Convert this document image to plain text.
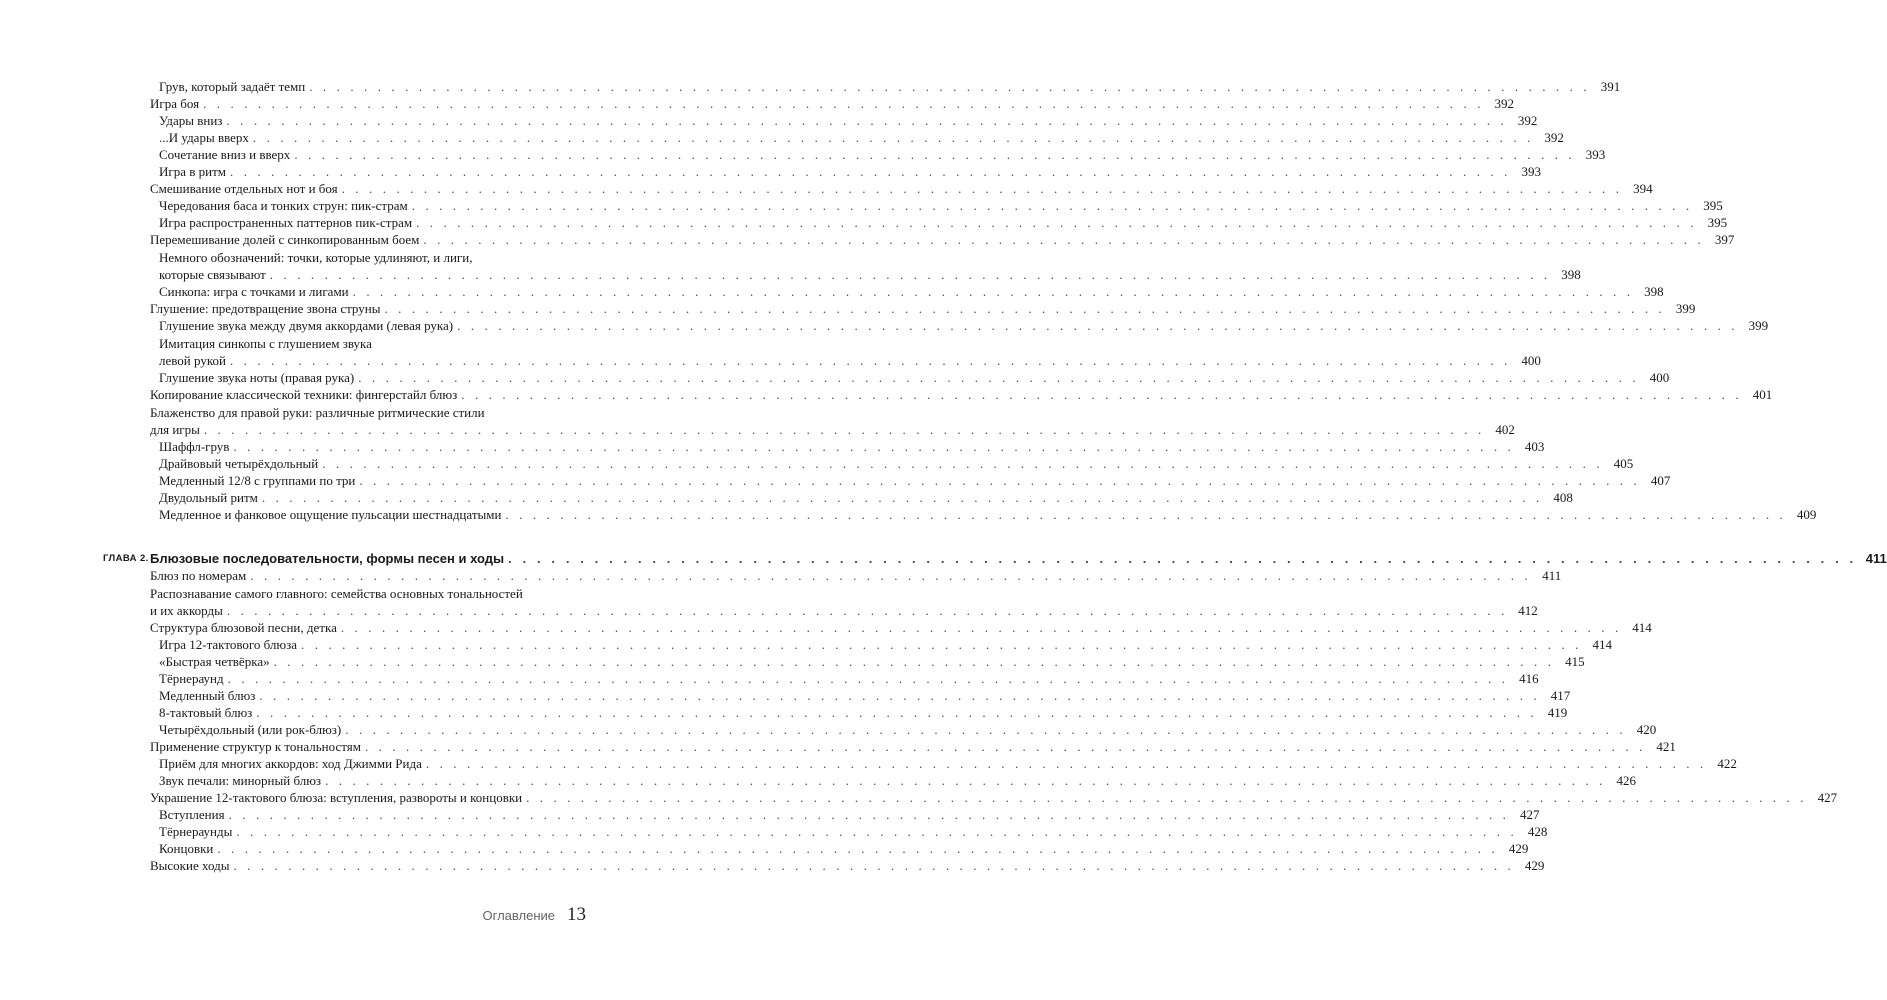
Грув, который задаёт темп . . . . . . . . . . . . . . . . . . . . . . . . . . . . . . . . . . . . . . . . . . . . . . . . . . . . . . . . . . . . . . . . . . . . . . . . . . . . . . . . . . . . . . . . . . . . . . 391
Игра боя . . . . . . . . . . . . . . . . . . . . . . . . . . . . . . . . . . . . . . . . . . . . . . . . . . . . . . . . . . . . . . . . . . . . . . . . . . . . . . . . . . . . . . . . . . . . . . 392
Удары вниз . . . . . . . . . . . . . . . . . . . . . . . . . . . . . . . . . . . . . . . . . . . . . . . . . . . . . . . . . . . . . . . . . . . . . . . . . . . . . . . . . . . . . . . . . . . . . . 392
...И удары вверх . . . . . . . . . . . . . . . . . . . . . . . . . . . . . . . . . . . . . . . . . . . . . . . . . . . . . . . . . . . . . . . . . . . . . . . . . . . . . . . . . . . . . . . . . . . . . . 392
Сочетание вниз и вверх . . . . . . . . . . . . . . . . . . . . . . . . . . . . . . . . . . . . . . . . . . . . . . . . . . . . . . . . . . . . . . . . . . . . . . . . . . . . . . . . . . . . . . . . . . . . . . 393
Игра в ритм . . . . . . . . . . . . . . . . . . . . . . . . . . . . . . . . . . . . . . . . . . . . . . . . . . . . . . . . . . . . . . . . . . . . . . . . . . . . . . . . . . . . . . . . . . . . . . 393
Смешивание отдельных нот и боя . . . . . . . . . . . . . . . . . . . . . . . . . . . . . . . . . . . . . . . . . . . . . . . . . . . . . . . . . . . . . . . . . . . . . . . . . . . . . . . . . . . . . . . . . . . . . . 394
Чередования баса и тонких струн: пик-страм . . . . . . . . . . . . . . . . . . . . . . . . . . . . . . . . . . . . . . . . . . . . . . . . . . . . . . . . . . . . . . . . . . . . . . . . . . . . . . . . . . . . . . . . . . . . . . 395
Игра распространенных паттернов пик-страм . . . . . . . . . . . . . . . . . . . . . . . . . . . . . . . . . . . . . . . . . . . . . . . . . . . . . . . . . . . . . . . . . . . . . . . . . . . . . . . . . . . . . . . . . . . . . . 395
Перемешивание долей с синкопированным боем . . . . . . . . . . . . . . . . . . . . . . . . . . . . . . . . . . . . . . . . . . . . . . . . . . . . . . . . . . . . . . . . . . . . . . . . . . . . . . . . . . . . . . . . . . . . . . 397
Немного обозначений: точки, которые удлиняют, и лиги,
которые связывают . . . . . . . . . . . . . . . . . . . . . . . . . . . . . . . . . . . . . . . . . . . . . . . . . . . . . . . . . . . . . . . . . . . . . . . . . . . . . . . . . . . . . . . . . . . . . . 398
Синкопа: игра с точками и лигами . . . . . . . . . . . . . . . . . . . . . . . . . . . . . . . . . . . . . . . . . . . . . . . . . . . . . . . . . . . . . . . . . . . . . . . . . . . . . . . . . . . . . . . . . . . . . . 398
Глушение: предотвращение звона струны . . . . . . . . . . . . . . . . . . . . . . . . . . . . . . . . . . . . . . . . . . . . . . . . . . . . . . . . . . . . . . . . . . . . . . . . . . . . . . . . . . . . . . . . . . . . . . 399
Глушение звука между двумя аккордами (левая рука) . . . . . . . . . . . . . . . . . . . . . . . . . . . . . . . . . . . . . . . . . . . . . . . . . . . . . . . . . . . . . . . . . . . . . . . . . . . . . . . . . . . . . . . . . . . . . . 399
Имитация синкопы с глушением звука
левой рукой . . . . . . . . . . . . . . . . . . . . . . . . . . . . . . . . . . . . . . . . . . . . . . . . . . . . . . . . . . . . . . . . . . . . . . . . . . . . . . . . . . . . . . . . . . . . . . 400
Глушение звука ноты (правая рука) . . . . . . . . . . . . . . . . . . . . . . . . . . . . . . . . . . . . . . . . . . . . . . . . . . . . . . . . . . . . . . . . . . . . . . . . . . . . . . . . . . . . . . . . . . . . . . 400
Копирование классической техники: фингерстайл блюз . . . . . . . . . . . . . . . . . . . . . . . . . . . . . . . . . . . . . . . . . . . . . . . . . . . . . . . . . . . . . . . . . . . . . . . . . . . . . . . . . . . . . . . . . . . . . . 401
Блаженство для правой руки: различные ритмические стили
для игры . . . . . . . . . . . . . . . . . . . . . . . . . . . . . . . . . . . . . . . . . . . . . . . . . . . . . . . . . . . . . . . . . . . . . . . . . . . . . . . . . . . . . . . . . . . . . . 402
Шаффл-грув . . . . . . . . . . . . . . . . . . . . . . . . . . . . . . . . . . . . . . . . . . . . . . . . . . . . . . . . . . . . . . . . . . . . . . . . . . . . . . . . . . . . . . . . . . . . . . 403
Драйвовый четырёхдольный . . . . . . . . . . . . . . . . . . . . . . . . . . . . . . . . . . . . . . . . . . . . . . . . . . . . . . . . . . . . . . . . . . . . . . . . . . . . . . . . . . . . . . . . . . . . . . 405
Медленный 12/8 с группами по три . . . . . . . . . . . . . . . . . . . . . . . . . . . . . . . . . . . . . . . . . . . . . . . . . . . . . . . . . . . . . . . . . . . . . . . . . . . . . . . . . . . . . . . . . . . . . . 407
Двудольный ритм . . . . . . . . . . . . . . . . . . . . . . . . . . . . . . . . . . . . . . . . . . . . . . . . . . . . . . . . . . . . . . . . . . . . . . . . . . . . . . . . . . . . . . . . . . . . . . 408
Медленное и фанковое ощущение пульсации шестнадцатыми . . . . . . . . . . . . . . . . . . . . . . . . . . . . . . . . . . . . . . . . . . . . . . . . . . . . . . . . . . . . . . . . . . . . . . . . . . . . . . . . . . . . . . . . . . . . . . 409
Блюзовые последовательности, формы песен и ходы . . . . . . . . . . . . . . . . . . . . . . . . . . . . . . . . . . . . . . . . . . . . . . . . . . . . . . . . . . . . . . . . . . . . . . . . . . . . . . . . . . . . . . . . . . . . . . 411
ГЛАВА 2.
Блюз по номерам . . . . . . . . . . . . . . . . . . . . . . . . . . . . . . . . . . . . . . . . . . . . . . . . . . . . . . . . . . . . . . . . . . . . . . . . . . . . . . . . . . . . . . . . . . . . . . 411
Распознавание самого главного: семейства основных тональностей
и их аккорды . . . . . . . . . . . . . . . . . . . . . . . . . . . . . . . . . . . . . . . . . . . . . . . . . . . . . . . . . . . . . . . . . . . . . . . . . . . . . . . . . . . . . . . . . . . . . . 412
Структура блюзовой песни, детка . . . . . . . . . . . . . . . . . . . . . . . . . . . . . . . . . . . . . . . . . . . . . . . . . . . . . . . . . . . . . . . . . . . . . . . . . . . . . . . . . . . . . . . . . . . . . . 414
Игра 12-тактового блюза . . . . . . . . . . . . . . . . . . . . . . . . . . . . . . . . . . . . . . . . . . . . . . . . . . . . . . . . . . . . . . . . . . . . . . . . . . . . . . . . . . . . . . . . . . . . . . 414
«Быстрая четвёрка» . . . . . . . . . . . . . . . . . . . . . . . . . . . . . . . . . . . . . . . . . . . . . . . . . . . . . . . . . . . . . . . . . . . . . . . . . . . . . . . . . . . . . . . . . . . . . . 415
Тёрнераунд . . . . . . . . . . . . . . . . . . . . . . . . . . . . . . . . . . . . . . . . . . . . . . . . . . . . . . . . . . . . . . . . . . . . . . . . . . . . . . . . . . . . . . . . . . . . . . 416
Медленный блюз . . . . . . . . . . . . . . . . . . . . . . . . . . . . . . . . . . . . . . . . . . . . . . . . . . . . . . . . . . . . . . . . . . . . . . . . . . . . . . . . . . . . . . . . . . . . . . 417
8-тактовый блюз . . . . . . . . . . . . . . . . . . . . . . . . . . . . . . . . . . . . . . . . . . . . . . . . . . . . . . . . . . . . . . . . . . . . . . . . . . . . . . . . . . . . . . . . . . . . . . 419
Четырёхдольный (или рок-блюз) . . . . . . . . . . . . . . . . . . . . . . . . . . . . . . . . . . . . . . . . . . . . . . . . . . . . . . . . . . . . . . . . . . . . . . . . . . . . . . . . . . . . . . . . . . . . . . 420
Применение структур к тональностям . . . . . . . . . . . . . . . . . . . . . . . . . . . . . . . . . . . . . . . . . . . . . . . . . . . . . . . . . . . . . . . . . . . . . . . . . . . . . . . . . . . . . . . . . . . . . . 421
Приём для многих аккордов: ход Джимми Рида . . . . . . . . . . . . . . . . . . . . . . . . . . . . . . . . . . . . . . . . . . . . . . . . . . . . . . . . . . . . . . . . . . . . . . . . . . . . . . . . . . . . . . . . . . . . . . 422
Звук печали: минорный блюз . . . . . . . . . . . . . . . . . . . . . . . . . . . . . . . . . . . . . . . . . . . . . . . . . . . . . . . . . . . . . . . . . . . . . . . . . . . . . . . . . . . . . . . . . . . . . . 426
Украшение 12-тактового блюза: вступления, развороты и концовки . . . . . . . . . . . . . . . . . . . . . . . . . . . . . . . . . . . . . . . . . . . . . . . . . . . . . . . . . . . . . . . . . . . . . . . . . . . . . . . . . . . . . . . . . . . . . . 427
Вступления . . . . . . . . . . . . . . . . . . . . . . . . . . . . . . . . . . . . . . . . . . . . . . . . . . . . . . . . . . . . . . . . . . . . . . . . . . . . . . . . . . . . . . . . . . . . . . 427
Тёрнераунды . . . . . . . . . . . . . . . . . . . . . . . . . . . . . . . . . . . . . . . . . . . . . . . . . . . . . . . . . . . . . . . . . . . . . . . . . . . . . . . . . . . . . . . . . . . . . . 428
Концовки . . . . . . . . . . . . . . . . . . . . . . . . . . . . . . . . . . . . . . . . . . . . . . . . . . . . . . . . . . . . . . . . . . . . . . . . . . . . . . . . . . . . . . . . . . . . . . 429
Высокие ходы . . . . . . . . . . . . . . . . . . . . . . . . . . . . . . . . . . . . . . . . . . . . . . . . . . . . . . . . . . . . . . . . . . . . . . . . . . . . . . . . . . . . . . . . . . . . . . 429
Оглавление 13
